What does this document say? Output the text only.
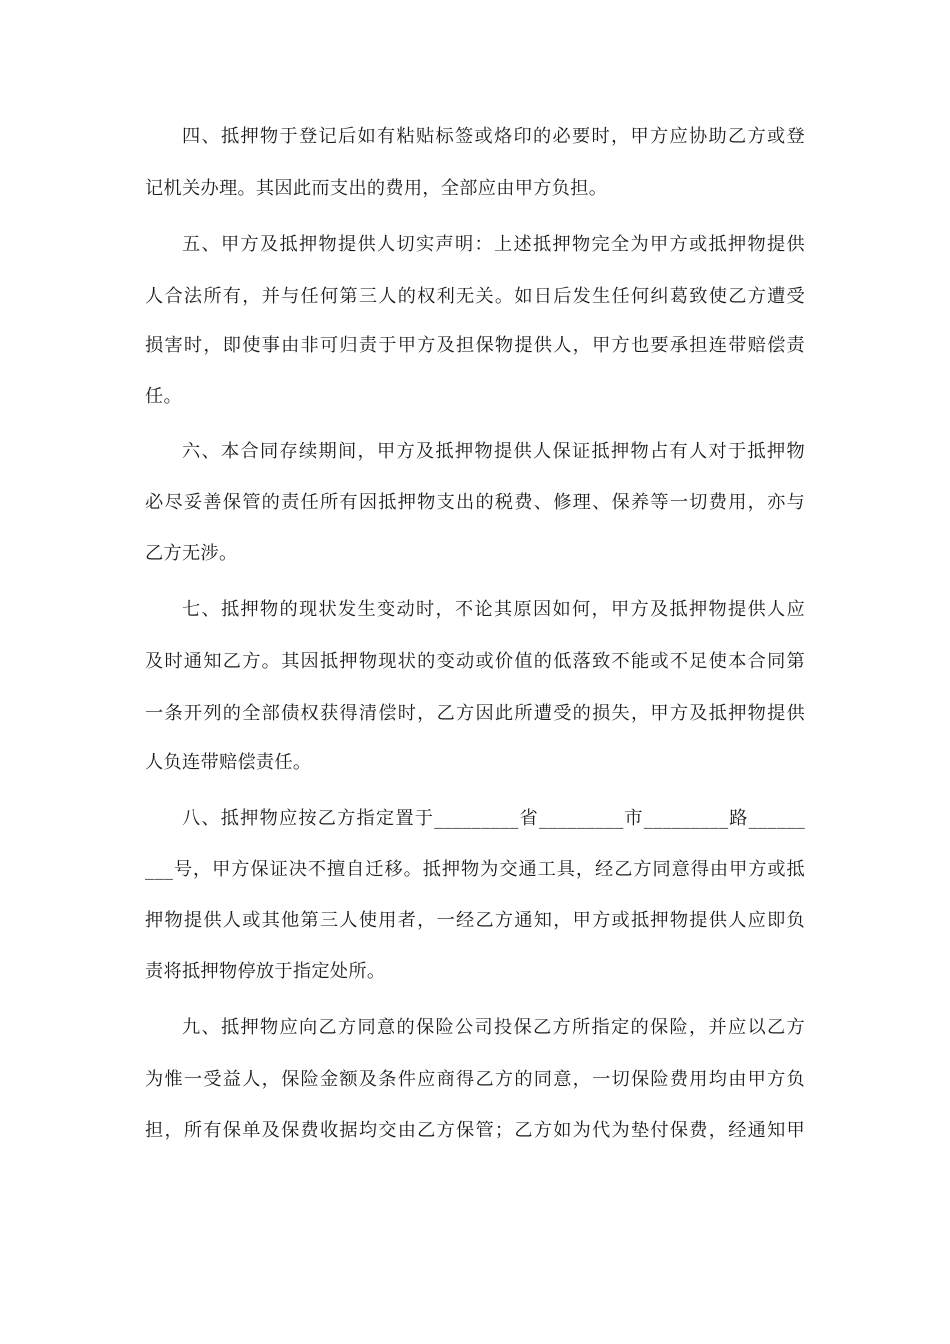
四、抵押物于登记后如有粘贴标签或烙印的必要时，甲方应协助乙方或登
记机关办理。其因此而支出的费用，全部应由甲方负担。
五、甲方及抵押物提供人切实声明：上述抵押物完全为甲方或抵押物提供
人合法所有，并与任何第三人的权利无关。如日后发生任何纠葛致使乙方遭受
损害时，即使事由非可归责于甲方及担保物提供人，甲方也要承担连带赔偿责
任。
六、本合同存续期间，甲方及抵押物提供人保证抵押物占有人对于抵押物
必尽妥善保管的责任所有因抵押物支出的税费、修理、保养等一切费用，亦与
乙方无涉。
七、抵押物的现状发生变动时，不论其原因如何，甲方及抵押物提供人应
及时通知乙方。其因抵押物现状的变动或价值的低落致不能或不足使本合同第
一条开列的全部债权获得清偿时，乙方因此所遭受的损失，甲方及抵押物提供
人负连带赔偿责任。
八、抵押物应按乙方指定置于_________省_________市_________路______
___号，甲方保证决不擅自迁移。抵押物为交通工具，经乙方同意得由甲方或抵
押物提供人或其他第三人使用者，一经乙方通知，甲方或抵押物提供人应即负
责将抵押物停放于指定处所。
九、抵押物应向乙方同意的保险公司投保乙方所指定的保险，并应以乙方
为惟一受益人，保险金额及条件应商得乙方的同意，一切保险费用均由甲方负
担，所有保单及保费收据均交由乙方保管；乙方如为代为垫付保费，经通知甲
